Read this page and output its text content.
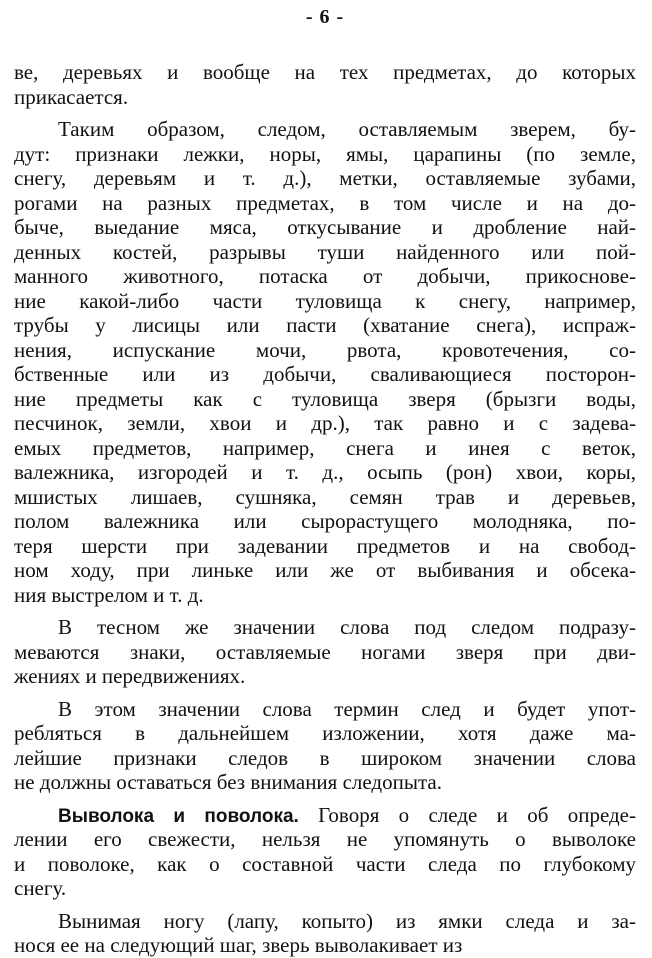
- 6 -
ве, деревьях и вообще на тех предметах, до которых
прикасается.
Таким образом, следом, оставляемым зверем, бу-
дут: признаки лежки, норы, ямы, царапины (по земле,
снегу, деревьям и т. д.), метки, оставляемые зубами,
рогами на разных предметах, в том числе и на до-
быче, выедание мяса, откусывание и дробление най-
денных костей, разрывы туши найденного или пой-
манного животного, потаска от добычи, прикоснове-
ние какой-либо части туловища к снегу, например,
трубы у лисицы или пасти (хватание снега), испраж-
нения, испускание мочи, рвота, кровотечения, со-
бственные или из добычи, сваливающиеся посторон-
ние предметы как с туловища зверя (брызги воды,
песчинок, земли, хвои и др.), так равно и с задева-
емых предметов, например, снега и инея с веток,
валежника, изгородей и т. д., осыпь (рон) хвои, коры,
мшистых лишаев, сушняка, семян трав и деревьев,
полом валежника или сырорастущего молодняка, по-
теря шерсти при задевании предметов и на свобод-
ном ходу, при линьке или же от выбивания и обсека-
ния выстрелом и т. д.
В тесном же значении слова под следом подразу-
меваются знаки, оставляемые ногами зверя при дви-
жениях и передвижениях.
В этом значении слова термин след и будет упот-
ребляться в дальнейшем изложении, хотя даже ма-
лейшие признаки следов в широком значении слова
не должны оставаться без внимания следопыта.
Выволока и поволока. Говоря о следе и об опреде-
лении его свежести, нельзя не упомянуть о выволоке
и поволоке, как о составной части следа по глубокому
снегу.
Вынимая ногу (лапу, копыто) из ямки следа и за-
нося ее на следующий шаг, зверь выволакивает из
